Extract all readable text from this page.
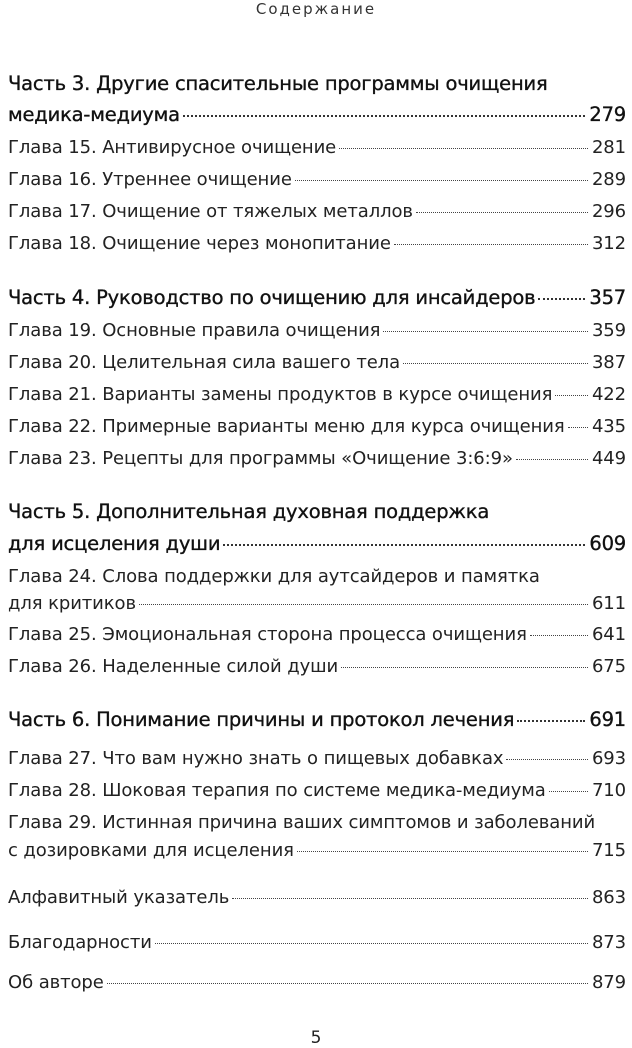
Содержание
Часть 3. Другие спасительные программы очищения
медика-медиума	279
Глава 15. Антивирусное очищение	281
Глава 16. Утреннее очищение	289
Глава 17. Очищение от тяжелых металлов	296
Глава 18. Очищение через монопитание	312
Часть 4. Руководство по очищению для инсайдеров	357
Глава 19. Основные правила очищения	359
Глава 20. Целительная сила вашего тела	387
Глава 21. Варианты замены продуктов в курсе очищения 422
Глава 22. Примерные варианты меню для курса очищения 435
Глава 23. Рецепты для программы «Очищение 3:6:9»	449
Часть 5. Дополнительная духовная поддержка
для исцеления души	609
Глава 24. Слова поддержки для аутсайдеров и памятка
для критиков	611
Глава 25. Эмоциональная сторона процесса очищения	641
Глава 26. Наделенные силой души	675
Часть 6. Понимание причины и протокол лечения	691
Глава 27. Что вам нужно знать о пищевых добавках	693
Глава 28. Шоковая терапия по системе медика-медиума	710
Глава 29. Истинная причина ваших симптомов и заболеваний
с дозировками для исцеления	715
Алфавитный указатель	863
Благодарности	873
Об авторе	879
5
